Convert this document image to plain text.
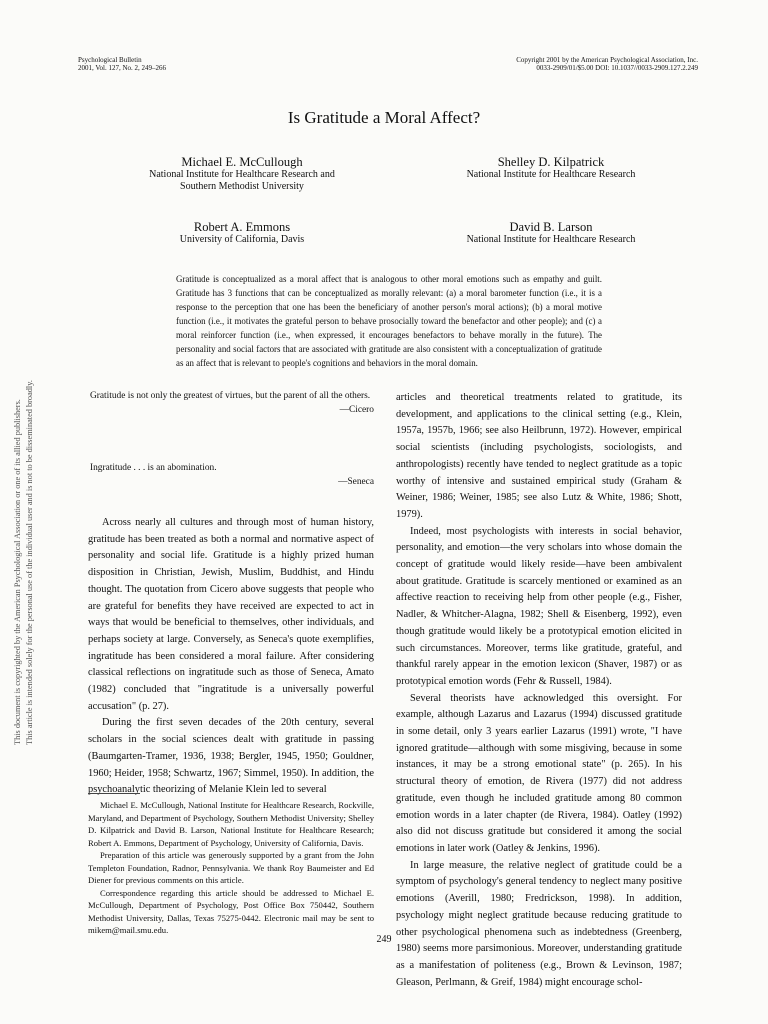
Psychological Bulletin
2001, Vol. 127, No. 2, 249–266
Copyright 2001 by the American Psychological Association, Inc.
0033-2909/01/$5.00 DOI: 10.1037//0033-2909.127.2.249
Is Gratitude a Moral Affect?
Michael E. McCullough
National Institute for Healthcare Research and
Southern Methodist University
Shelley D. Kilpatrick
National Institute for Healthcare Research
Robert A. Emmons
University of California, Davis
David B. Larson
National Institute for Healthcare Research
Gratitude is conceptualized as a moral affect that is analogous to other moral emotions such as empathy and guilt. Gratitude has 3 functions that can be conceptualized as morally relevant: (a) a moral barometer function (i.e., it is a response to the perception that one has been the beneficiary of another person's moral actions); (b) a moral motive function (i.e., it motivates the grateful person to behave prosocially toward the benefactor and other people); and (c) a moral reinforcer function (i.e., when expressed, it encourages benefactors to behave morally in the future). The personality and social factors that are associated with gratitude are also consistent with a conceptualization of gratitude as an affect that is relevant to people's cognitions and behaviors in the moral domain.
This document is copyrighted by the American Psychological Association or one of its allied publishers. This article is intended solely for the personal use of the individual user and is not to be disseminated broadly.	Gratitude is not only the greatest of virtues, but the parent of all the others.
—Cicero
Ingratitude . . . is an abomination.
—Seneca

Across nearly all cultures and through most of human history, gratitude has been treated as both a normal and normative aspect of personality and social life. Gratitude is a highly prized human disposition in Christian, Jewish, Muslim, Buddhist, and Hindu thought. The quotation from Cicero above suggests that people who are grateful for benefits they have received are expected to act in ways that would be beneficial to themselves, other individuals, and perhaps society at large. Conversely, as Seneca's quote exemplifies, ingratitude has been considered a moral failure. After considering classical reflections on ingratitude such as those of Seneca, Amato (1982) concluded that "ingratitude is a universally powerful accusation" (p. 27).

During the first seven decades of the 20th century, several scholars in the social sciences dealt with gratitude in passing (Baumgarten-Tramer, 1936, 1938; Bergler, 1945, 1950; Gouldner, 1960; Heider, 1958; Schwartz, 1967; Simmel, 1950). In addition, the psychoanalytic theorizing of Melanie Klein led to several

Michael E. McCullough, National Institute for Healthcare Research, Rockville, Maryland, and Department of Psychology, Southern Methodist University; Shelley D. Kilpatrick and David B. Larson, National Institute for Healthcare Research; Robert A. Emmons, Department of Psychology, University of California, Davis.

Preparation of this article was generously supported by a grant from the John Templeton Foundation, Radnor, Pennsylvania. We thank Roy Baumeister and Ed Diener for previous comments on this article.

Correspondence regarding this article should be addressed to Michael E. McCullough, Department of Psychology, Post Office Box 750442, Southern Methodist University, Dallas, Texas 75275-0442. Electronic mail may be sent to mikem@mail.smu.edu.

articles and theoretical treatments related to gratitude, its development, and applications to the clinical setting (e.g., Klein, 1957a, 1957b, 1966; see also Heilbrunn, 1972). However, empirical social scientists (including psychologists, sociologists, and anthropologists) recently have tended to neglect gratitude as a topic worthy of intensive and sustained empirical study (Graham & Weiner, 1986; Weiner, 1985; see also Lutz & White, 1986; Shott, 1979).

Indeed, most psychologists with interests in social behavior, personality, and emotion—the very scholars into whose domain the concept of gratitude would likely reside—have been ambivalent about gratitude. Gratitude is scarcely mentioned or examined as an affective reaction to receiving help from other people (e.g., Fisher, Nadler, & Whitcher-Alagna, 1982; Shell & Eisenberg, 1992), even though gratitude would likely be a prototypical emotion elicited in such circumstances. Moreover, terms like gratitude, grateful, and thankful rarely appear in the emotion lexicon (Shaver, 1987) or as prototypical emotion words (Fehr & Russell, 1984).

Several theorists have acknowledged this oversight. For example, although Lazarus and Lazarus (1994) discussed gratitude in some detail, only 3 years earlier Lazarus (1991) wrote, "I have ignored gratitude—although with some misgiving, because in some instances, it may be a strong emotional state" (p. 265). In his structural theory of emotion, de Rivera (1977) did not address gratitude, even though he included gratitude among 80 common emotion words in a later chapter (de Rivera, 1984). Oatley (1992) also did not discuss gratitude but considered it among the social emotions in later work (Oatley & Jenkins, 1996).

In large measure, the relative neglect of gratitude could be a symptom of psychology's general tendency to neglect many positive emotions (Averill, 1980; Fredrickson, 1998). In addition, psychology might neglect gratitude because reducing gratitude to other psychological phenomena such as indebtedness (Greenberg, 1980) seems more parsimonious. Moreover, understanding gratitude as a manifestation of politeness (e.g., Brown & Levinson, 1987; Gleason, Perlmann, & Greif, 1984) might encourage schol-

249
